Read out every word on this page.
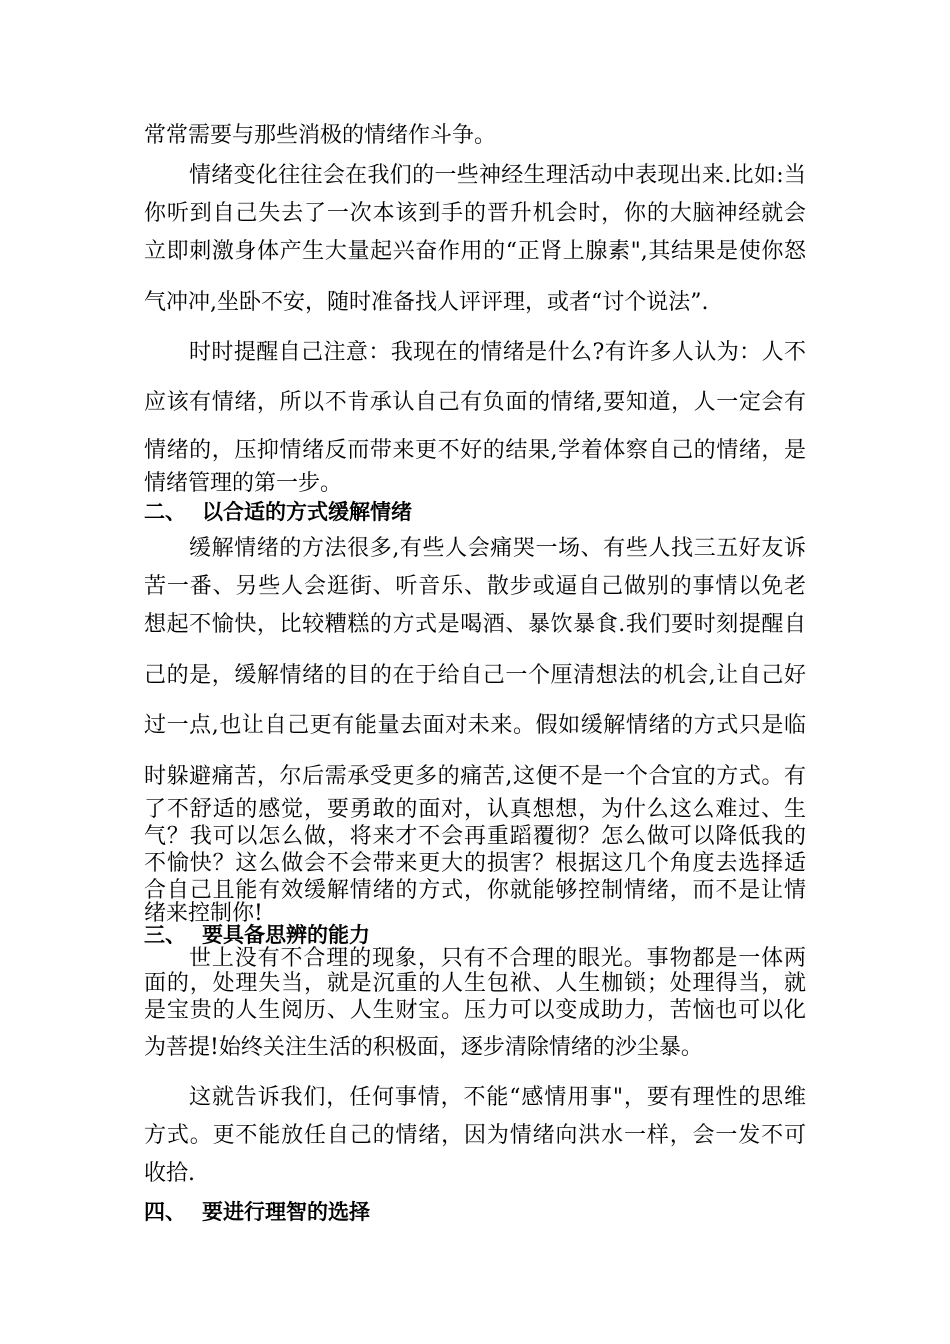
常常需要与那些消极的情绪作斗争。
情绪变化往往会在我们的一些神经生理活动中表现出来.比如:当
你听到自己失去了一次本该到手的晋升机会时，你的大脑神经就会
立即刺激身体产生大量起兴奋作用的“正肾上腺素",其结果是使你怒
气冲冲,坐卧不安，随时准备找人评评理，或者“讨个说法”.
时时提醒自己注意：我现在的情绪是什么?有许多人认为：人不
应该有情绪，所以不肯承认自己有负面的情绪,要知道，人一定会有
情绪的，压抑情绪反而带来更不好的结果,学着体察自己的情绪，是
情绪管理的第一步。
二、 以合适的方式缓解情绪
缓解情绪的方法很多,有些人会痛哭一场、有些人找三五好友诉
苦一番、另些人会逛街、听音乐、散步或逼自己做别的事情以免老
想起不愉快，比较糟糕的方式是喝酒、暴饮暴食.我们要时刻提醒自
己的是，缓解情绪的目的在于给自己一个厘清想法的机会,让自己好
过一点,也让自己更有能量去面对未来。假如缓解情绪的方式只是临
时躲避痛苦，尔后需承受更多的痛苦,这便不是一个合宜的方式。有
了不舒适的感觉，要勇敢的面对，认真想想，为什么这么难过、生
气？我可以怎么做，将来才不会再重蹈覆彻？怎么做可以降低我的
不愉快？这么做会不会带来更大的损害？根据这几个角度去选择适
合自己且能有效缓解情绪的方式，你就能够控制情绪，而不是让情
绪来控制你!
三、 要具备思辨的能力
世上没有不合理的现象，只有不合理的眼光。事物都是一体两
面的，处理失当，就是沉重的人生包袱、人生枷锁；处理得当，就
是宝贵的人生阅历、人生财宝。压力可以变成助力，苦恼也可以化
为菩提!始终关注生活的积极面，逐步清除情绪的沙尘暴。
这就告诉我们，任何事情，不能“感情用事"，要有理性的思维
方式。更不能放任自己的情绪，因为情绪向洪水一样，会一发不可
收拾.
四、 要进行理智的选择
